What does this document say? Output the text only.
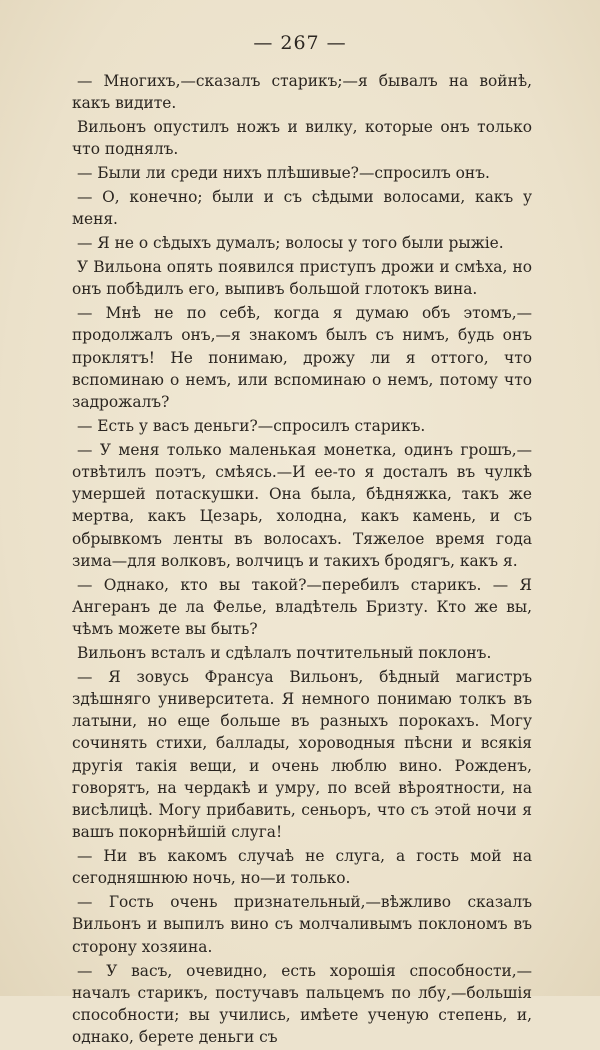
— 267 —

— Многихъ,—сказалъ старикъ;—я бывалъ на войнѣ, какъ видите.

Вильонъ опустилъ ножъ и вилку, которые онъ только что поднялъ.

— Были ли среди нихъ плѣшивые?—спросилъ онъ.

— О, конечно; были и съ сѣдыми волосами, какъ у меня.

— Я не о сѣдыхъ думалъ; волосы у того были рыжіе.

У Вильона опять появился приступъ дрожи и смѣха, но онъ побѣдилъ его, выпивъ большой глотокъ вина.

— Мнѣ не по себѣ, когда я думаю объ этомъ,—продолжалъ онъ,—я знакомъ былъ съ нимъ, будь онъ проклятъ! Не понимаю, дрожу ли я оттого, что вспоминаю о немъ, или вспоминаю о немъ, потому что задрожалъ?

— Есть у васъ деньги?—спросилъ старикъ.

— У меня только маленькая монетка, одинъ грошъ,—отвѣтилъ поэтъ, смѣясь.—И ее-то я досталъ въ чулкѣ умершей потаскушки. Она была, бѣдняжка, такъ же мертва, какъ Цезарь, холодна, какъ камень, и съ обрывкомъ ленты въ волосахъ. Тяжелое время года зима—для волковъ, волчицъ и такихъ бродягъ, какъ я.

— Однако, кто вы такой?—перебилъ старикъ. — Я Ангеранъ де ла Фелье, владѣтель Бризту. Кто же вы, чѣмъ можете вы быть?

Вильонъ всталъ и сдѣлалъ почтительный поклонъ.

— Я зовусь Франсуа Вильонъ, бѣдный магистръ здѣшняго университета. Я немного понимаю толкъ въ латыни, но еще больше въ разныхъ порокахъ. Могу сочинять стихи, баллады, хороводныя пѣсни и всякія другія такія вещи, и очень люблю вино. Рожденъ, говорятъ, на чердакѣ и умру, по всей вѣроятности, на висѣлицѣ. Могу прибавить, сеньоръ, что съ этой ночи я вашъ покорнѣйшій слуга!

— Ни въ какомъ случаѣ не слуга, а гость мой на сегодняшнюю ночь, но—и только.

— Гость очень признательный,—вѣжливо сказалъ Вильонъ и выпилъ вино съ молчаливымъ поклономъ въ сторону хозяина.

— У васъ, очевидно, есть хорошія способности,—началъ старикъ, постучавъ пальцемъ по лбу,—большія способности; вы учились, имѣете ученую степень, и, однако, берете деньги съ
